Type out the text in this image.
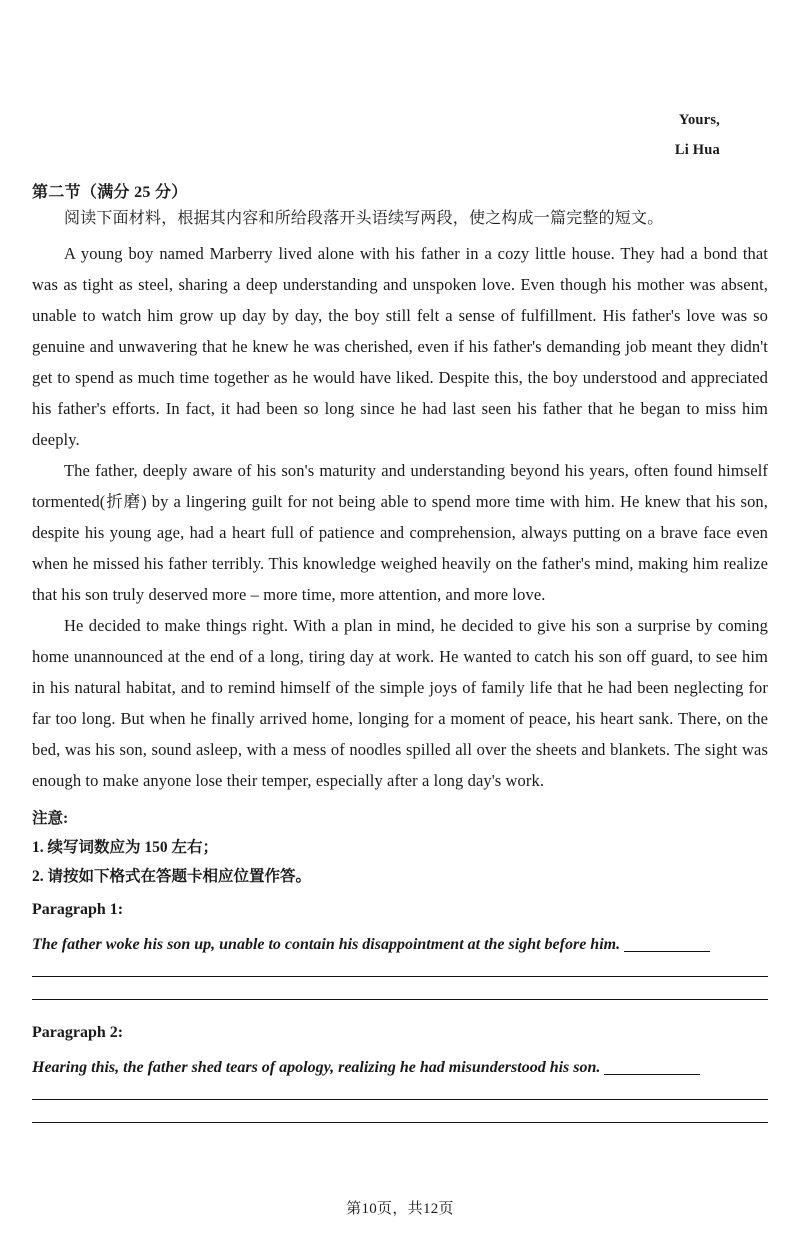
Yours,
Li Hua
第二节（满分 25 分）
阅读下面材料，根据其内容和所给段落开头语续写两段，使之构成一篇完整的短文。

A young boy named Marberry lived alone with his father in a cozy little house. They had a bond that was as tight as steel, sharing a deep understanding and unspoken love. Even though his mother was absent, unable to watch him grow up day by day, the boy still felt a sense of fulfillment. His father's love was so genuine and unwavering that he knew he was cherished, even if his father's demanding job meant they didn't get to spend as much time together as he would have liked. Despite this, the boy understood and appreciated his father's efforts. In fact, it had been so long since he had last seen his father that he began to miss him deeply.

The father, deeply aware of his son's maturity and understanding beyond his years, often found himself tormented(折磨) by a lingering guilt for not being able to spend more time with him. He knew that his son, despite his young age, had a heart full of patience and comprehension, always putting on a brave face even when he missed his father terribly. This knowledge weighed heavily on the father's mind, making him realize that his son truly deserved more – more time, more attention, and more love.

He decided to make things right. With a plan in mind, he decided to give his son a surprise by coming home unannounced at the end of a long, tiring day at work. He wanted to catch his son off guard, to see him in his natural habitat, and to remind himself of the simple joys of family life that he had been neglecting for far too long. But when he finally arrived home, longing for a moment of peace, his heart sank. There, on the bed, was his son, sound asleep, with a mess of noodles spilled all over the sheets and blankets. The sight was enough to make anyone lose their temper, especially after a long day's work.

注意:
1. 续写词数应为 150 左右；
2. 请按如下格式在答题卡相应位置作答。
Paragraph 1:
The father woke his son up, unable to contain his disappointment at the sight before him.
Paragraph 2:
Hearing this, the father shed tears of apology, realizing he had misunderstood his son.
第10页，共12页
